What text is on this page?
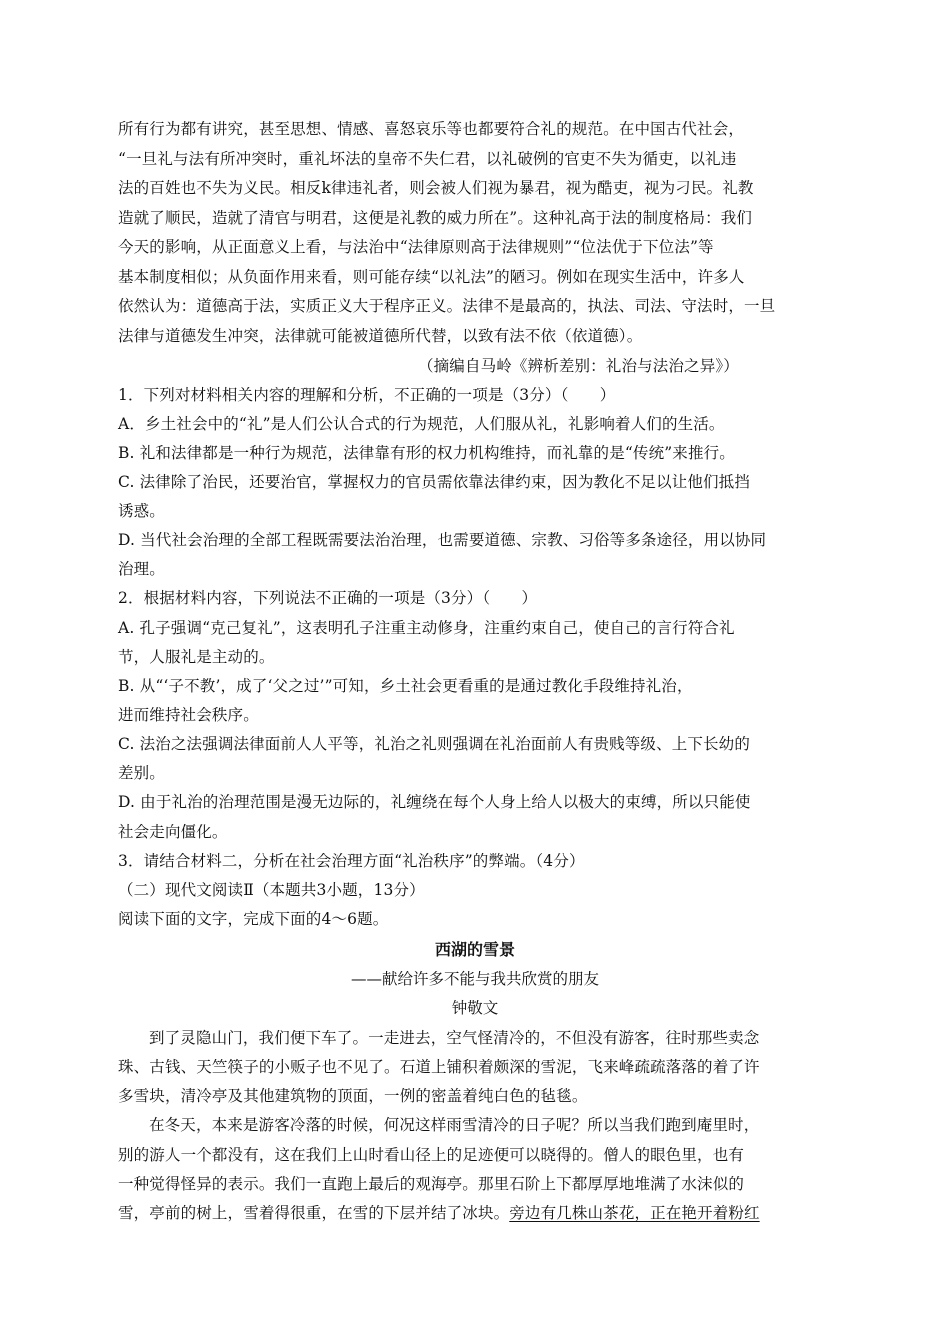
所有行为都有讲究，甚至思想、情感、喜怒哀乐等也都要符合礼的规范。在中国古代社会，
“一旦礼与法有所冲突时，重礼坏法的皇帝不失仁君，以礼破例的官吏不失为循吏，以礼违
法的百姓也不失为义民。相反k律违礼者，则会被人们视为暴君，视为酷吏，视为刁民。礼教
造就了顺民，造就了清官与明君，这便是礼教的威力所在”。这种礼高于法的制度格局：我们
今天的影响，从正面意义上看，与法治中“法律原则高于法律规则”“位法优于下位法”等
基本制度相似；从负面作用来看，则可能存续“以礼法”的陋习。例如在现实生活中，许多人
依然认为：道德高于法，实质正义大于程序正义。法律不是最高的，执法、司法、守法时，一旦
法律与道德发生冲突，法律就可能被道德所代替，以致有法不依（依道德）。
（摘编自马岭《辨析差别：礼治与法治之异》）
1．下列对材料相关内容的理解和分析，不正确的一项是（3分）（　　）
A．乡土社会中的“礼”是人们公认合式的行为规范，人们服从礼，礼影响着人们的生活。
B. 礼和法律都是一种行为规范，法律靠有形的权力机构维持，而礼靠的是“传统”来推行。
C. 法律除了治民，还要治官，掌握权力的官员需依靠法律约束，因为教化不足以让他们抵挡
诱惑。
D. 当代社会治理的全部工程既需要法治治理，也需要道德、宗教、习俗等多条途径，用以协同
治理。
2．根据材料内容，下列说法不正确的一项是（3分）（　　）
A. 孔子强调“克己复礼”，这表明孔子注重主动修身，注重约束自己，使自己的言行符合礼
节，人服礼是主动的。
B. 从“‘子不教’，成了‘父之过’”可知，乡土社会更看重的是通过教化手段维持礼治，
进而维持社会秩序。
C. 法治之法强调法律面前人人平等，礼治之礼则强调在礼治面前人有贵贱等级、上下长幼的
差别。
D. 由于礼治的治理范围是漫无边际的，礼缠绕在每个人身上给人以极大的束缚，所以只能使
社会走向僵化。
3．请结合材料二，分析在社会治理方面“礼治秩序”的弊端。（4分）
（二）现代文阅读Ⅱ（本题共3小题，13分）
阅读下面的文字，完成下面的4～6题。
西湖的雪景
——献给许多不能与我共欣赏的朋友
钟敬文
到了灵隐山门，我们便下车了。一走进去，空气怪清冷的，不但没有游客，往时那些卖念
珠、古钱、天竺筷子的小贩子也不见了。石道上铺积着颇深的雪泥，飞来峰疏疏落落的着了许
多雪块，清冷亭及其他建筑物的顶面，一例的密盖着纯白色的毡毯。
在冬天，本来是游客冷落的时候，何况这样雨雪清冷的日子呢？所以当我们跑到庵里时，
别的游人一个都没有，这在我们上山时看山径上的足迹便可以晓得的。僧人的眼色里，也有
一种觉得怪异的表示。我们一直跑上最后的观海亭。那里石阶上下都厚厚地堆满了水沫似的
雪，亭前的树上，雪着得很重，在雪的下层并结了冰块。旁边有几株山茶花，正在艳开着粉红
